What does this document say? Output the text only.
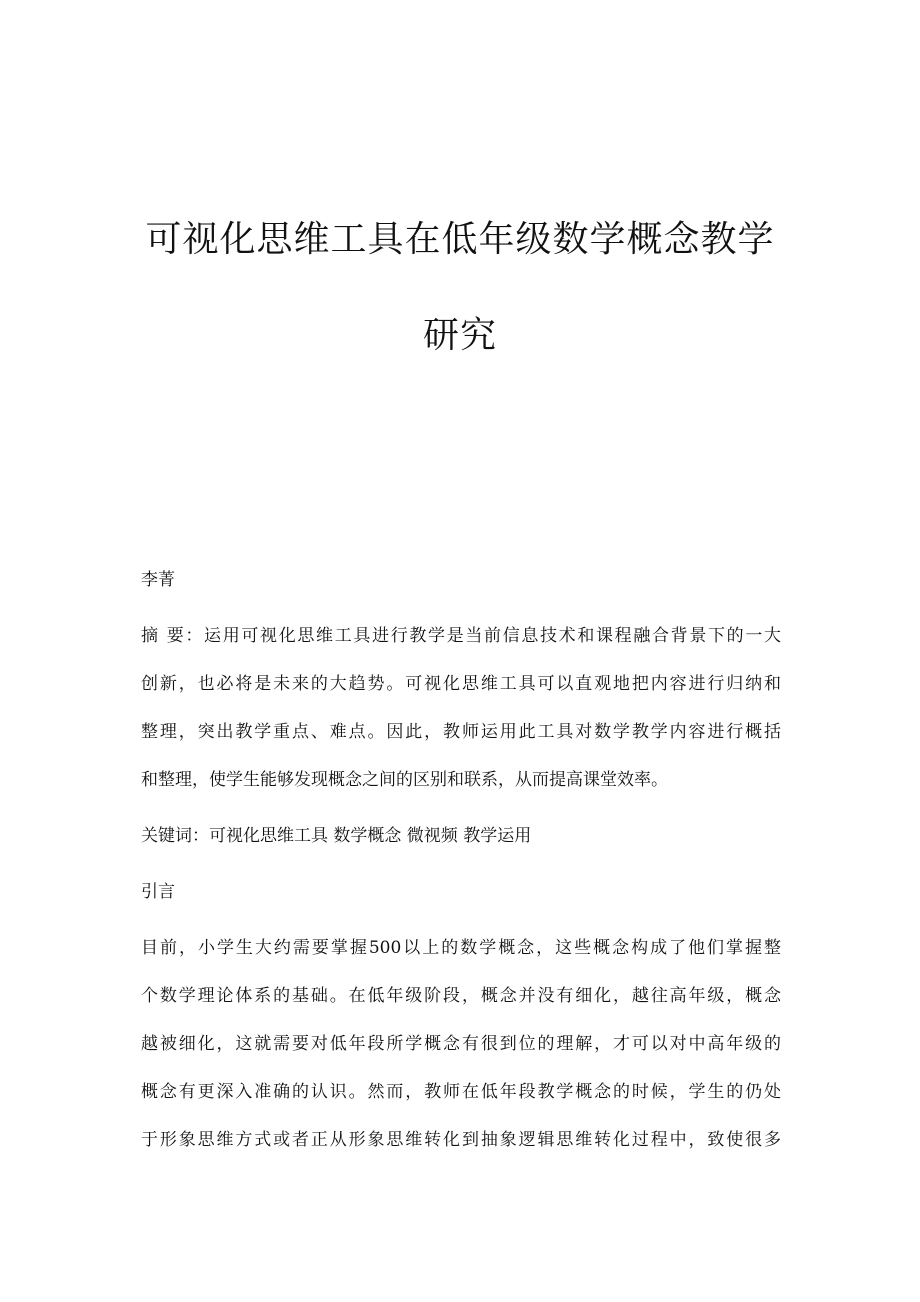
可视化思维工具在低年级数学概念教学
研究

李菁

摘 要：运用可视化思维工具进行教学是当前信息技术和课程融合背景下的一大

创新，也必将是未来的大趋势。可视化思维工具可以直观地把内容进行归纳和

整理，突出教学重点、难点。因此，教师运用此工具对数学教学内容进行概括

和整理，使学生能够发现概念之间的区别和联系，从而提高课堂效率。

关键词：可视化思维工具 数学概念 微视频 教学运用

引言

目前，小学生大约需要掌握500以上的数学概念，这些概念构成了他们掌握整

个数学理论体系的基础。在低年级阶段，概念并没有细化，越往高年级，概念

越被细化，这就需要对低年段所学概念有很到位的理解，才可以对中高年级的

概念有更深入准确的认识。然而，教师在低年段教学概念的时候，学生的仍处

于形象思维方式或者正从形象思维转化到抽象逻辑思维转化过程中，致使很多
